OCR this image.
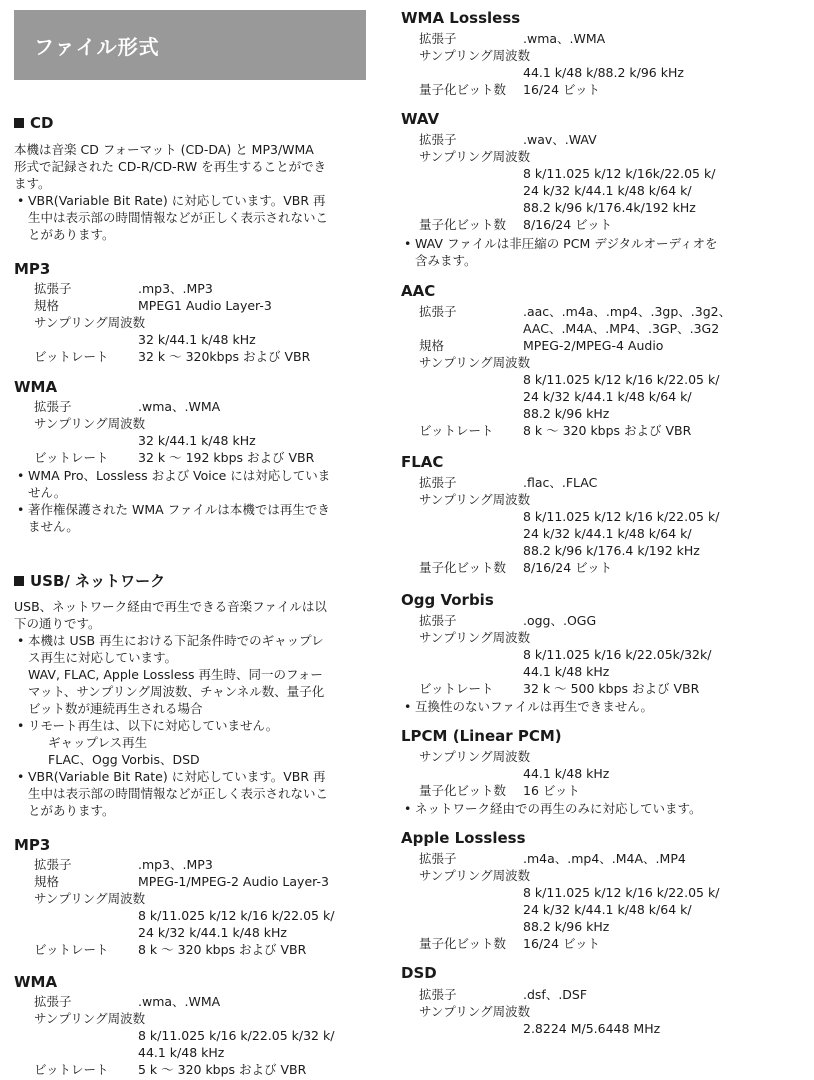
ファイル形式
CD
本機は音楽 CD フォーマット (CD-DA) と MP3/WMA
形式で記録された CD-R/CD-RW を再生することができ
ます。
• VBR(Variable Bit Rate) に対応しています。VBR 再
生中は表示部の時間情報などが正しく表示されないこ
とがあります。
MP3
拡張子	.mp3、.MP3
規格	MPEG1 Audio Layer-3
サンプリング周波数
32 k/44.1 k/48 kHz
ビットレート	32 k 〜 320kbps および VBR
WMA
拡張子	.wma、.WMA
サンプリング周波数
32 k/44.1 k/48 kHz
ビットレート	32 k 〜 192 kbps および VBR
• WMA Pro、Lossless および Voice には対応していま
せん。
• 著作権保護された WMA ファイルは本機では再生でき
ません。
USB/ ネットワーク
USB、ネットワーク経由で再生できる音楽ファイルは以
下の通りです。
• 本機は USB 再生における下記条件時でのギャップレ
ス再生に対応しています。
WAV, FLAC, Apple Lossless 再生時、同一のフォー
マット、サンプリング周波数、チャンネル数、量子化
ビット数が連続再生される場合
• リモート再生は、以下に対応していません。
ギャップレス再生
FLAC、Ogg Vorbis、DSD
• VBR(Variable Bit Rate) に対応しています。VBR 再
生中は表示部の時間情報などが正しく表示されないこ
とがあります。
MP3
拡張子	.mp3、.MP3
規格	MPEG-1/MPEG-2 Audio Layer-3
サンプリング周波数
8 k/11.025 k/12 k/16 k/22.05 k/
24 k/32 k/44.1 k/48 kHz
ビットレート	8 k 〜 320 kbps および VBR
WMA
拡張子	.wma、.WMA
サンプリング周波数
8 k/11.025 k/16 k/22.05 k/32 k/
44.1 k/48 kHz
ビットレート	5 k 〜 320 kbps および VBR
WMA Lossless
拡張子	.wma、.WMA
サンプリング周波数
44.1 k/48 k/88.2 k/96 kHz
量子化ビット数	16/24 ビット
WAV
拡張子	.wav、.WAV
サンプリング周波数
8 k/11.025 k/12 k/16k/22.05 k/
24 k/32 k/44.1 k/48 k/64 k/
88.2 k/96 k/176.4k/192 kHz
量子化ビット数	8/16/24 ビット
• WAV ファイルは非圧縮の PCM デジタルオーディオを
含みます。
AAC
拡張子	.aac、.m4a、.mp4、.3gp、.3g2、
AAC、.M4A、.MP4、.3GP、.3G2
規格	MPEG-2/MPEG-4 Audio
サンプリング周波数
8 k/11.025 k/12 k/16 k/22.05 k/
24 k/32 k/44.1 k/48 k/64 k/
88.2 k/96 kHz
ビットレート	8 k 〜 320 kbps および VBR
FLAC
拡張子	.flac、.FLAC
サンプリング周波数
8 k/11.025 k/12 k/16 k/22.05 k/
24 k/32 k/44.1 k/48 k/64 k/
88.2 k/96 k/176.4 k/192 kHz
量子化ビット数	8/16/24 ビット
Ogg Vorbis
拡張子	.ogg、.OGG
サンプリング周波数
8 k/11.025 k/16 k/22.05k/32k/
44.1 k/48 kHz
ビットレート	32 k 〜 500 kbps および VBR
• 互換性のないファイルは再生できません。
LPCM (Linear PCM)
サンプリング周波数
44.1 k/48 kHz
量子化ビット数	16 ビット
• ネットワーク経由での再生のみに対応しています。
Apple Lossless
拡張子	.m4a、.mp4、.M4A、.MP4
サンプリング周波数
8 k/11.025 k/12 k/16 k/22.05 k/
24 k/32 k/44.1 k/48 k/64 k/
88.2 k/96 kHz
量子化ビット数	16/24 ビット
DSD
拡張子	.dsf、.DSF
サンプリング周波数
2.8224 M/5.6448 MHz
